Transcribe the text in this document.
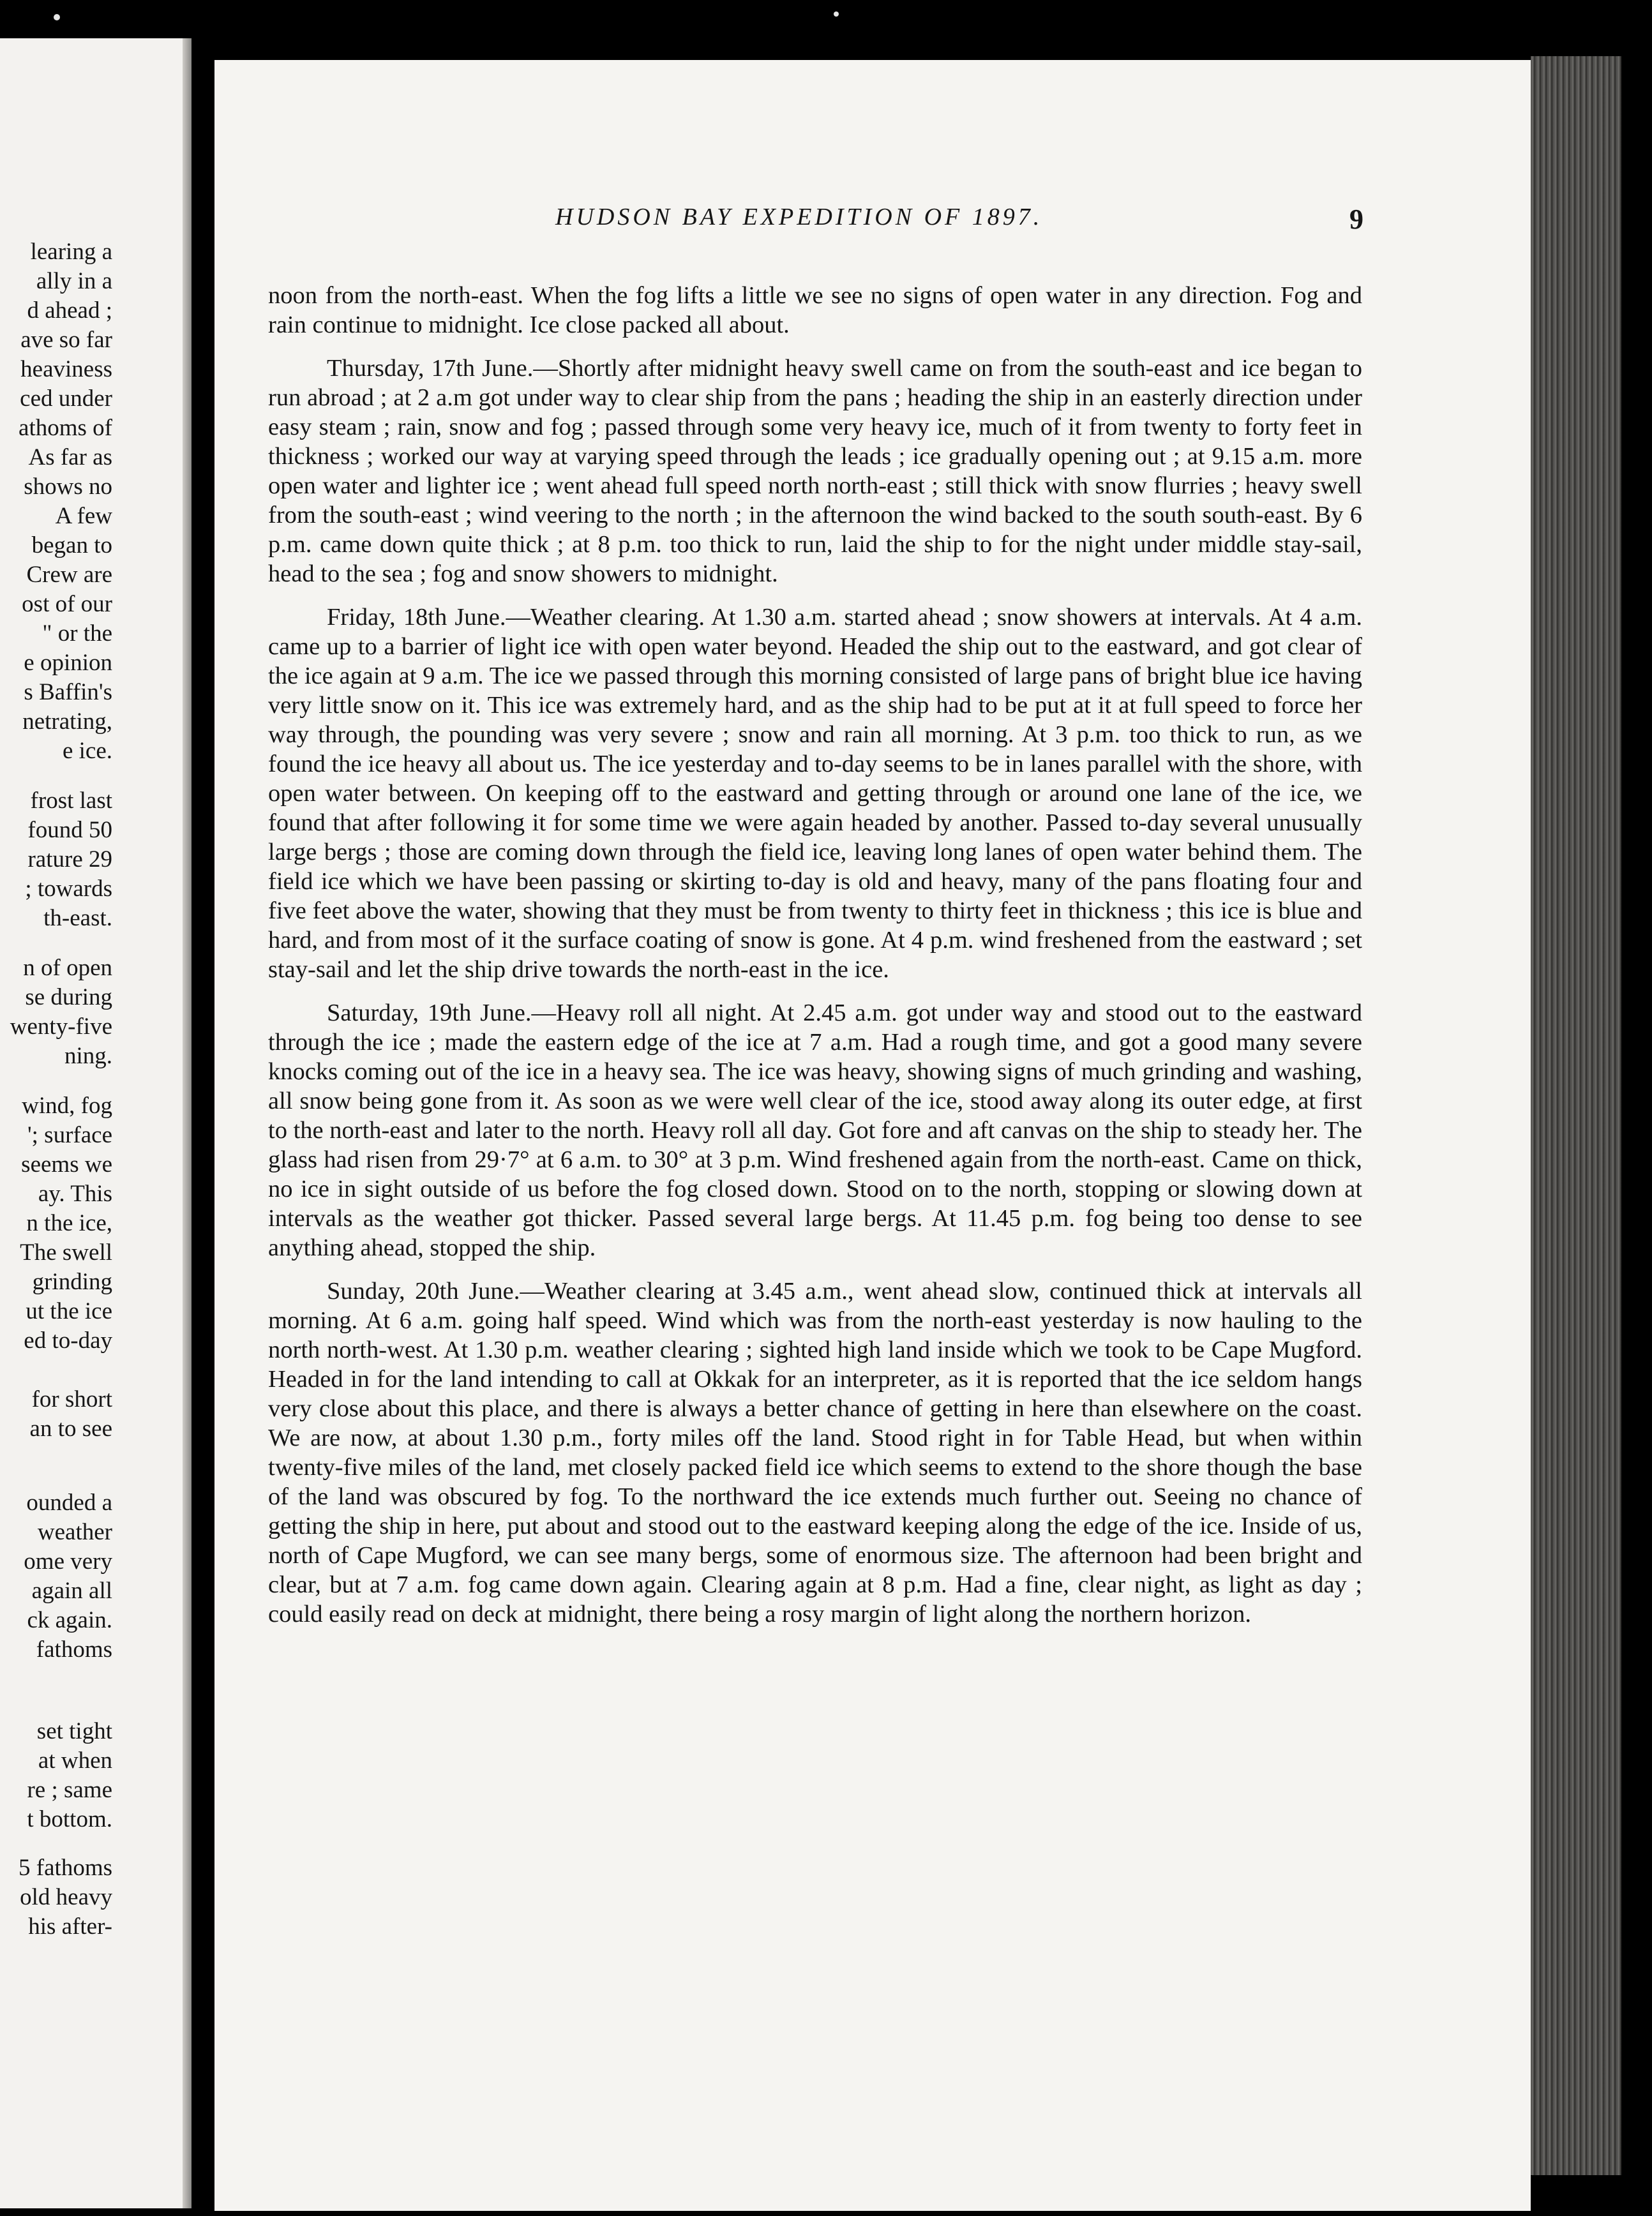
learing a
ally in a
d ahead ;
ave so far
heaviness
ced under
athoms of
As far as
shows no
A few
began to
Crew are
ost of our
" or the
e opinion
s Baffin's
netrating,
e ice.
frost last
found 50
rature 29
; towards
th-east.
n of open
se during
wenty-five
ning.
wind, fog
'; surface
seems we
ay. This
n the ice,
The swell
grinding
ut the ice
ed to-day
for short
an to see
ounded a
weather
ome very
again all
ck again.
fathoms
set tight
at when
re ; same
t bottom.
5 fathoms
old heavy
his after-
HUDSON BAY EXPEDITION OF 1897.	9

noon from the north-east. When the fog lifts a little we see no signs of open water in any direction. Fog and rain continue to midnight. Ice close packed all about.

Thursday, 17th June.—Shortly after midnight heavy swell came on from the south-east and ice began to run abroad ; at 2 a.m got under way to clear ship from the pans ; heading the ship in an easterly direction under easy steam ; rain, snow and fog ; passed through some very heavy ice, much of it from twenty to forty feet in thickness ; worked our way at varying speed through the leads ; ice gradually opening out ; at 9.15 a.m. more open water and lighter ice ; went ahead full speed north north-east ; still thick with snow flurries ; heavy swell from the south-east ; wind veering to the north ; in the afternoon the wind backed to the south south-east. By 6 p.m. came down quite thick ; at 8 p.m. too thick to run, laid the ship to for the night under middle stay-sail, head to the sea ; fog and snow showers to midnight.

Friday, 18th June.—Weather clearing. At 1.30 a.m. started ahead ; snow showers at intervals. At 4 a.m. came up to a barrier of light ice with open water beyond. Headed the ship out to the eastward, and got clear of the ice again at 9 a.m. The ice we passed through this morning consisted of large pans of bright blue ice having very little snow on it. This ice was extremely hard, and as the ship had to be put at it at full speed to force her way through, the pounding was very severe ; snow and rain all morning. At 3 p.m. too thick to run, as we found the ice heavy all about us. The ice yesterday and to-day seems to be in lanes parallel with the shore, with open water between. On keeping off to the eastward and getting through or around one lane of the ice, we found that after following it for some time we were again headed by another. Passed to-day several unusually large bergs ; those are coming down through the field ice, leaving long lanes of open water behind them. The field ice which we have been passing or skirting to-day is old and heavy, many of the pans floating four and five feet above the water, showing that they must be from twenty to thirty feet in thickness ; this ice is blue and hard, and from most of it the surface coating of snow is gone. At 4 p.m. wind freshened from the eastward ; set stay-sail and let the ship drive towards the north-east in the ice.

Saturday, 19th June.—Heavy roll all night. At 2.45 a.m. got under way and stood out to the eastward through the ice ; made the eastern edge of the ice at 7 a.m. Had a rough time, and got a good many severe knocks coming out of the ice in a heavy sea. The ice was heavy, showing signs of much grinding and washing, all snow being gone from it. As soon as we were well clear of the ice, stood away along its outer edge, at first to the north-east and later to the north. Heavy roll all day. Got fore and aft canvas on the ship to steady her. The glass had risen from 29·7° at 6 a.m. to 30° at 3 p.m. Wind freshened again from the north-east. Came on thick, no ice in sight outside of us before the fog closed down. Stood on to the north, stopping or slowing down at intervals as the weather got thicker. Passed several large bergs. At 11.45 p.m. fog being too dense to see anything ahead, stopped the ship.

Sunday, 20th June.—Weather clearing at 3.45 a.m., went ahead slow, continued thick at intervals all morning. At 6 a.m. going half speed. Wind which was from the north-east yesterday is now hauling to the north north-west. At 1.30 p.m. weather clearing ; sighted high land inside which we took to be Cape Mugford. Headed in for the land intending to call at Okkak for an interpreter, as it is reported that the ice seldom hangs very close about this place, and there is always a better chance of getting in here than elsewhere on the coast. We are now, at about 1.30 p.m., forty miles off the land. Stood right in for Table Head, but when within twenty-five miles of the land, met closely packed field ice which seems to extend to the shore though the base of the land was obscured by fog. To the northward the ice extends much further out. Seeing no chance of getting the ship in here, put about and stood out to the eastward keeping along the edge of the ice. Inside of us, north of Cape Mugford, we can see many bergs, some of enormous size. The afternoon had been bright and clear, but at 7 a.m. fog came down again. Clearing again at 8 p.m. Had a fine, clear night, as light as day ; could easily read on deck at midnight, there being a rosy margin of light along the northern horizon.
